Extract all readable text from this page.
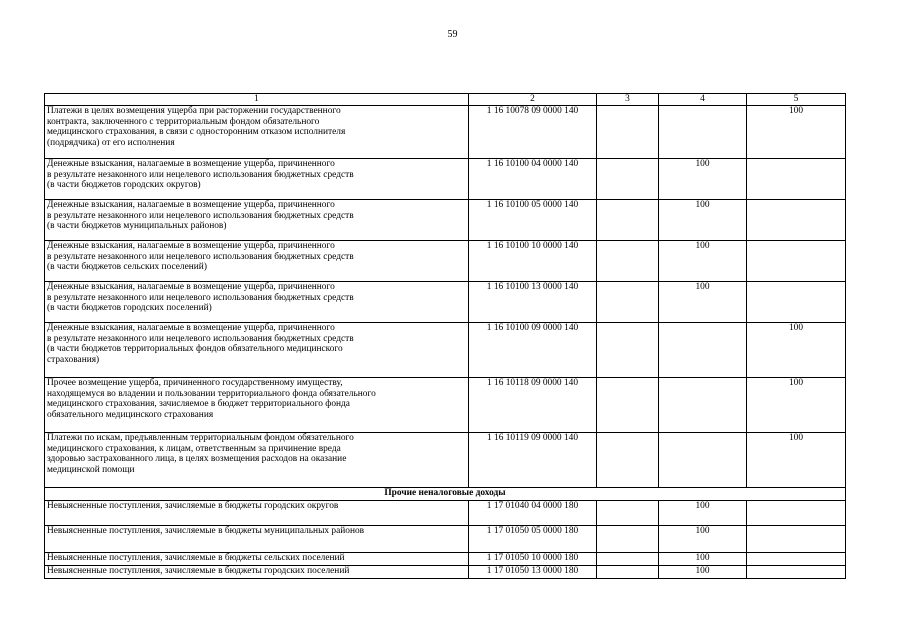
59
1	2	3	4	5

Платежи в целях возмещения ущерба при расторжении государственного
контракта, заключенного с территориальным фондом обязательного
медицинского страхования, в связи с односторонним отказом исполнителя
(подрядчика) от его исполнения	1 16 10078 09 0000 140			100

Денежные взыскания, налагаемые в возмещение ущерба, причиненного
в результате незаконного или нецелевого использования бюджетных средств
(в части бюджетов городских округов)	1 16 10100 04 0000 140		100	

Денежные взыскания, налагаемые в возмещение ущерба, причиненного
в результате незаконного или нецелевого использования бюджетных средств
(в части бюджетов муниципальных районов)	1 16 10100 05 0000 140		100	

Денежные взыскания, налагаемые в возмещение ущерба, причиненного
в результате незаконного или нецелевого использования бюджетных средств
(в части бюджетов сельских поселений)	1 16 10100 10 0000 140		100	

Денежные взыскания, налагаемые в возмещение ущерба, причиненного
в результате незаконного или нецелевого использования бюджетных средств
(в части бюджетов городских поселений)	1 16 10100 13 0000 140		100	

Денежные взыскания, налагаемые в возмещение ущерба, причиненного
в результате незаконного или нецелевого использования бюджетных средств
(в части бюджетов территориальных фондов обязательного медицинского
страхования)	1 16 10100 09 0000 140			100

Прочее возмещение ущерба, причиненного государственному имуществу,
находящемуся во владении и пользовании территориального фонда обязательного
медицинского страхования, зачисляемое в бюджет территориального фонда
обязательного медицинского страхования	1 16 10118 09 0000 140			100

Платежи по искам, предъявленным территориальным фондом обязательного
медицинского страхования, к лицам, ответственным за причинение вреда
здоровью застрахованного лица, в целях возмещения расходов на оказание
медицинской помощи	1 16 10119 09 0000 140			100
Прочие неналоговые доходы				

Невыясненные поступления, зачисляемые в бюджеты городских округов	1 17 01040 04 0000 180		100	

Невыясненные поступления, зачисляемые в бюджеты муниципальных районов	1 17 01050 05 0000 180		100	

Невыясненные поступления, зачисляемые в бюджеты сельских поселений	1 17 01050 10 0000 180		100	

Невыясненные поступления, зачисляемые в бюджеты городских поселений	1 17 01050 13 0000 180		100	
